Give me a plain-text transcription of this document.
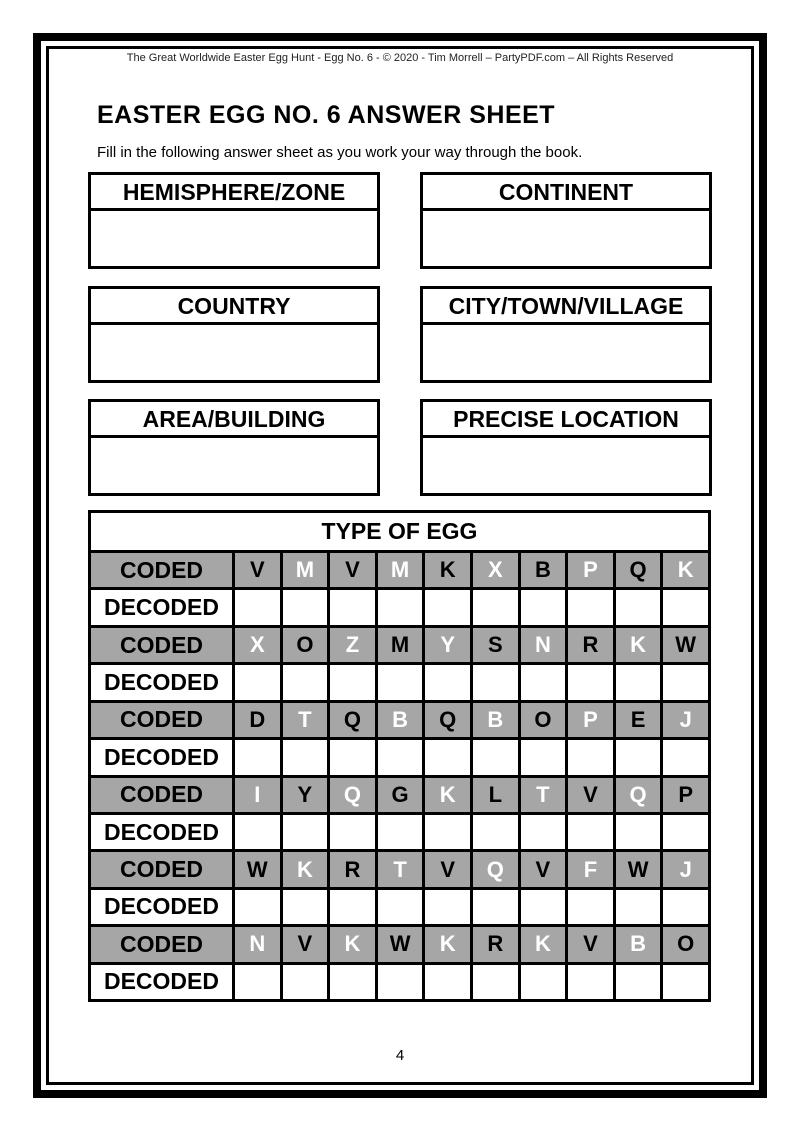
The Great Worldwide Easter Egg Hunt - Egg No. 6 - © 2020 - Tim Morrell – PartyPDF.com – All Rights Reserved
EASTER EGG NO. 6 ANSWER SHEET
Fill in the following answer sheet as you work your way through the book.
HEMISPHERE/ZONE	CONTINENT
COUNTRY	CITY/TOWN/VILLAGE
AREA/BUILDING	PRECISE LOCATION
TYPE OF EGG
CODED	V	M	V	M	K	X	B	P	Q	K
DECODED
CODED	X	O	Z	M	Y	S	N	R	K	W
DECODED
CODED	D	T	Q	B	Q	B	O	P	E	J
DECODED
CODED	I	Y	Q	G	K	L	T	V	Q	P
DECODED
CODED	W	K	R	T	V	Q	V	F	W	J
DECODED
CODED	N	V	K	W	K	R	K	V	B	O
DECODED
4
